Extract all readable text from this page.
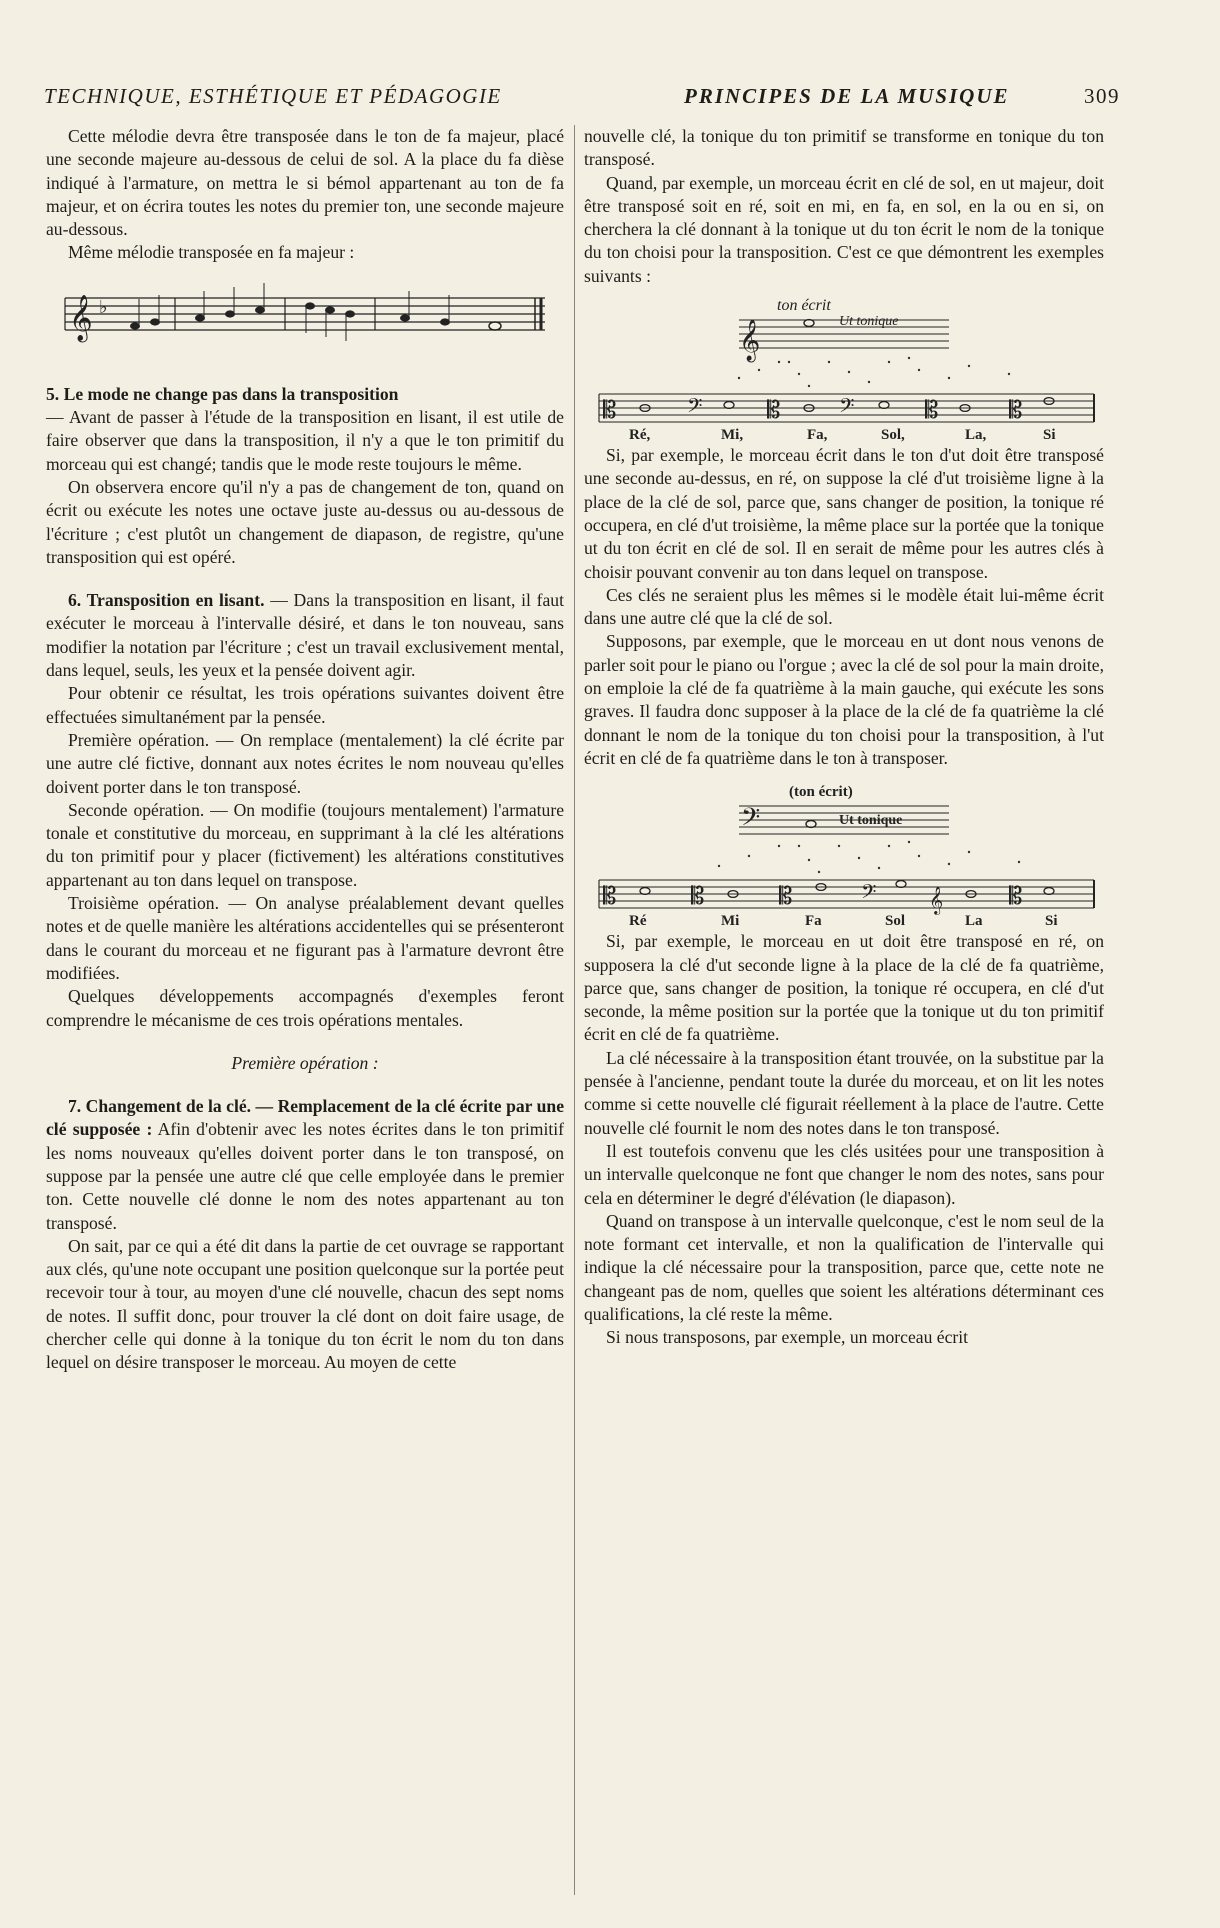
TECHNIQUE, ESTHÉTIQUE ET PÉDAGOGIE	PRINCIPES DE LA MUSIQUE	309

Cette mélodie devra être transposée dans le ton de fa majeur, placé une seconde majeure au-dessous de celui de sol. A la place du fa dièse indiqué à l'armature, on mettra le si bémol appartenant au ton de fa majeur, et on écrira toutes les notes du premier ton, une seconde majeure au-dessous.

Même mélodie transposée en fa majeur :

𝄞 ♭
5. Le mode ne change pas dans la transposition

— Avant de passer à l'étude de la transposition en lisant, il est utile de faire observer que dans la transposition, il n'y a que le ton primitif du morceau qui est changé; tandis que le mode reste toujours le même.

On observera encore qu'il n'y a pas de changement de ton, quand on écrit ou exécute les notes une octave juste au-dessus ou au-dessous de l'écriture ; c'est plutôt un changement de diapason, de registre, qu'une transposition qui est opéré.

6. Transposition en lisant. — Dans la transposition en lisant, il faut exécuter le morceau à l'intervalle désiré, et dans le ton nouveau, sans modifier la notation par l'écriture ; c'est un travail exclusivement mental, dans lequel, seuls, les yeux et la pensée doivent agir.

Pour obtenir ce résultat, les trois opérations suivantes doivent être effectuées simultanément par la pensée.

Première opération. — On remplace (mentalement) la clé écrite par une autre clé fictive, donnant aux notes écrites le nom nouveau qu'elles doivent porter dans le ton transposé.

Seconde opération. — On modifie (toujours mentalement) l'armature tonale et constitutive du morceau, en supprimant à la clé les altérations du ton primitif pour y placer (fictivement) les altérations constitutives appartenant au ton dans lequel on transpose.

Troisième opération. — On analyse préalablement devant quelles notes et de quelle manière les altérations accidentelles qui se présenteront dans le courant du morceau et ne figurant pas à l'armature devront être modifiées.

Quelques développements accompagnés d'exemples feront comprendre le mécanisme de ces trois opérations mentales.

Première opération :

7. Changement de la clé. — Remplacement de la clé écrite par une clé supposée : Afin d'obtenir avec les notes écrites dans le ton primitif les noms nouveaux qu'elles doivent porter dans le ton transposé, on suppose par la pensée une autre clé que celle employée dans le premier ton. Cette nouvelle clé donne le nom des notes appartenant au ton transposé.

On sait, par ce qui a été dit dans la partie de cet ouvrage se rapportant aux clés, qu'une note occupant une position quelconque sur la portée peut recevoir tour à tour, au moyen d'une clé nouvelle, chacun des sept noms de notes. Il suffit donc, pour trouver la clé dont on doit faire usage, de chercher celle qui donne à la tonique du ton écrit le nom du ton dans lequel on désire transposer le morceau. Au moyen de cette

nouvelle clé, la tonique du ton primitif se transforme en tonique du ton transposé.

Quand, par exemple, un morceau écrit en clé de sol, en ut majeur, doit être transposé soit en ré, soit en mi, en fa, en sol, en la ou en si, on cherchera la clé donnant à la tonique ut du ton écrit le nom de la tonique du ton choisi pour la transposition. C'est ce que démontrent les exemples suivants :

ton écrit
𝄞	Ut tonique
𝄡	𝄢	𝄡 𝄢	𝄡	𝄡
Ré,	Mi,	Fa,	Sol,	La,	Si

Si, par exemple, le morceau écrit dans le ton d'ut doit être transposé une seconde au-dessus, en ré, on suppose la clé d'ut troisième ligne à la place de la clé de sol, parce que, sans changer de position, la tonique ré occupera, en clé d'ut troisième, la même place sur la portée que la tonique ut du ton écrit en clé de sol. Il en serait de même pour les autres clés à choisir pouvant convenir au ton dans lequel on transpose.

Ces clés ne seraient plus les mêmes si le modèle était lui-même écrit dans une autre clé que la clé de sol.

Supposons, par exemple, que le morceau en ut dont nous venons de parler soit pour le piano ou l'orgue ; avec la clé de sol pour la main droite, on emploie la clé de fa quatrième à la main gauche, qui exécute les sons graves. Il faudra donc supposer à la place de la clé de fa quatrième la clé donnant le nom de la tonique du ton choisi pour la transposition, à l'ut écrit en clé de fa quatrième dans le ton à transposer.

(ton écrit)
𝄢	Ut tonique
𝄡	𝄡	𝄡	𝄢 𝄞	𝄡
Ré	Mi	Fa	Sol	La	Si

Si, par exemple, le morceau en ut doit être transposé en ré, on supposera la clé d'ut seconde ligne à la place de la clé de fa quatrième, parce que, sans changer de position, la tonique ré occupera, en clé d'ut seconde, la même position sur la portée que la tonique ut du ton primitif écrit en clé de fa quatrième.

La clé nécessaire à la transposition étant trouvée, on la substitue par la pensée à l'ancienne, pendant toute la durée du morceau, et on lit les notes comme si cette nouvelle clé figurait réellement à la place de l'autre. Cette nouvelle clé fournit le nom des notes dans le ton transposé.

Il est toutefois convenu que les clés usitées pour une transposition à un intervalle quelconque ne font que changer le nom des notes, sans pour cela en déterminer le degré d'élévation (le diapason).

Quand on transpose à un intervalle quelconque, c'est le nom seul de la note formant cet intervalle, et non la qualification de l'intervalle qui indique la clé nécessaire pour la transposition, parce que, cette note ne changeant pas de nom, quelles que soient les altérations déterminant ces qualifications, la clé reste la même.

Si nous transposons, par exemple, un morceau écrit
